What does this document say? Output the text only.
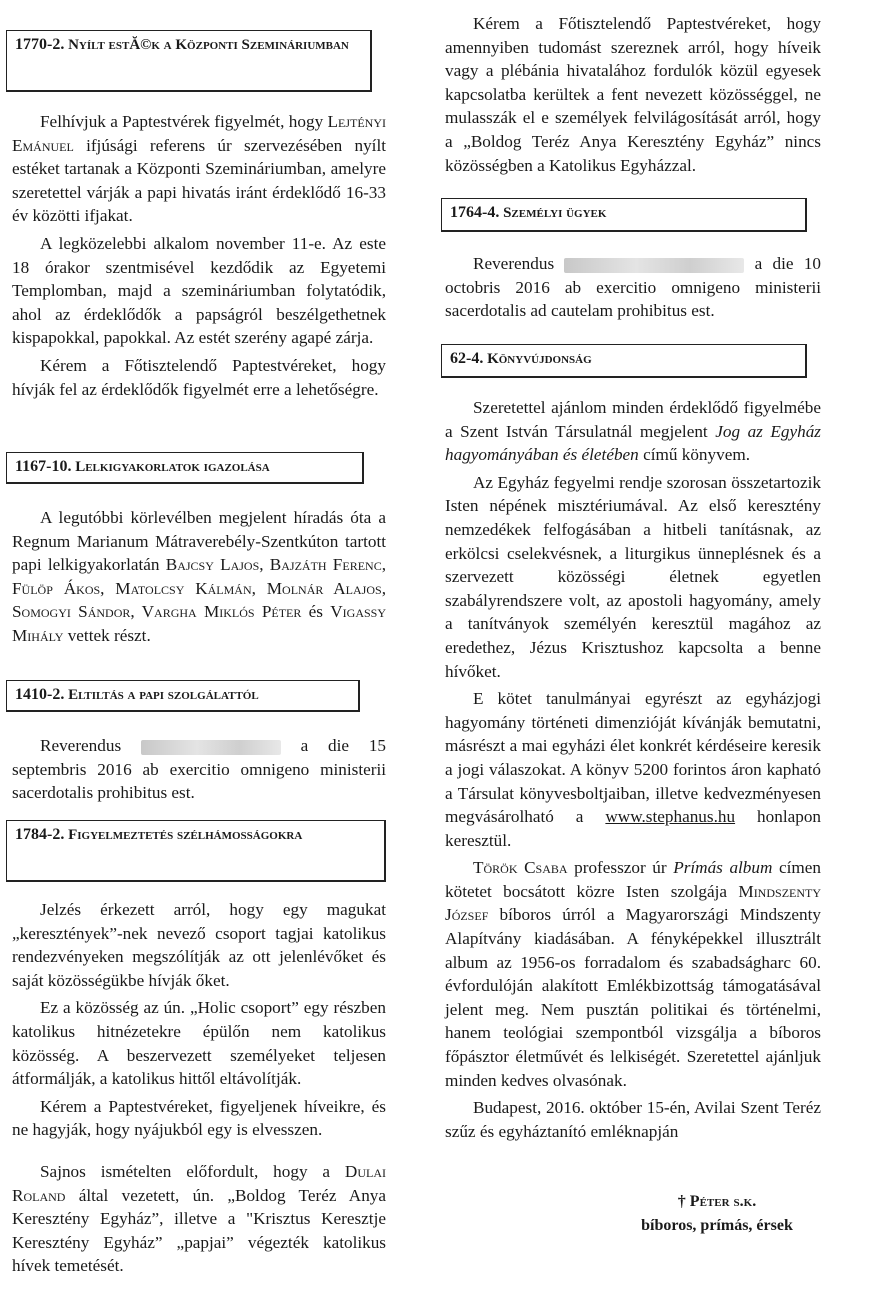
1770-2. Nyílt estĂ©k a Központi Szemináriumban

Felhívjuk a Paptestvérek figyelmét, hogy Lejtényi Emánuel ifjúsági referens úr szervezésében nyílt estéket tartanak a Központi Szemináriumban, amelyre szeretettel várják a papi hivatás iránt érdeklődő 16-33 év közötti ifjakat.

A legközelebbi alkalom november 11-e. Az este 18 órakor szentmisével kezdődik az Egyetemi Templomban, majd a szemináriumban folytatódik, ahol az érdeklődők a papságról beszélgethetnek kispapokkal, papokkal. Az estét szerény agapé zárja.

Kérem a Főtisztelendő Paptestvéreket, hogy hívják fel az érdeklődők figyelmét erre a lehetőségre.

1167-10. Lelkigyakorlatok igazolása

A legutóbbi körlevélben megjelent híradás óta a Regnum Marianum Mátraverebély-Szentkúton tartott papi lelkigyakorlatán Bajcsy Lajos, Bajzáth Ferenc, Fülöp Ákos, Matolcsy Kálmán, Molnár Alajos, Somogyi Sándor, Vargha Miklós Péter és Vigassy Mihály vettek részt.

1410-2. Eltiltás a papi szolgálattól

Reverendus	a die 15 septembris 2016 ab exercitio omnigeno ministerii sacerdotalis prohibitus est.

1784-2. Figyelmeztetés szélhámosságokra

Jelzés érkezett arról, hogy egy magukat „keresztények”-nek nevező csoport tagjai katolikus rendezvényeken megszólítják az ott jelenlévőket és saját közösségükbe hívják őket.

Ez a közösség az ún. „Holic csoport” egy részben katolikus hitnézetekre épülőn nem katolikus közösség. A beszervezett személyeket teljesen átformálják, a katolikus hittől eltávolítják.

Kérem a Paptestvéreket, figyeljenek híveikre, és ne hagyják, hogy nyájukból egy is elvesszen.

Sajnos ismételten előfordult, hogy a Dulai Roland által vezetett, ún. „Boldog Teréz Anya Keresztény Egyház”, illetve a "Krisztus Keresztje Keresztény Egyház” „papjai” végezték katolikus hívek temetését.

Kérem a Főtisztelendő Paptestvéreket, hogy amennyiben tudomást szereznek arról, hogy híveik vagy a plébánia hivatalához fordulók közül egyesek kapcsolatba kerültek a fent nevezett közösséggel, ne mulasszák el e személyek felvilágosítását arról, hogy a „Boldog Teréz Anya Keresztény Egyház” nincs közösségben a Katolikus Egyházzal.

1764-4. Személyi ügyek

Reverendus	a die 10 octobris 2016 ab exercitio omnigeno ministerii sacerdotalis ad cautelam prohibitus est.

62-4. Könyvújdonság

Szeretettel ajánlom minden érdeklődő figyelmébe a Szent István Társulatnál megjelent Jog az Egyház hagyományában és életében című könyvem.

Az Egyház fegyelmi rendje szorosan összetartozik Isten népének misztériumával. Az első keresztény nemzedékek felfogásában a hitbeli tanításnak, az erkölcsi cselekvésnek, a liturgikus ünneplésnek és a szervezett közösségi életnek egyetlen szabályrendszere volt, az apostoli hagyomány, amely a tanítványok személyén keresztül magához az eredethez, Jézus Krisztushoz kapcsolta a benne hívőket.

E kötet tanulmányai egyrészt az egyházjogi hagyomány történeti dimenzióját kívánják bemutatni, másrészt a mai egyházi élet konkrét kérdéseire keresik a jogi válaszokat. A könyv 5200 forintos áron kapható a Társulat könyvesboltjaiban, illetve kedvezményesen megvásárolható a www.stephanus.hu honlapon keresztül.

Török Csaba professzor úr Prímás album címen kötetet bocsátott közre Isten szolgája Mindszenty József bíboros úrról a Magyarországi Mindszenty Alapítvány kiadásában. A fényképekkel illusztrált album az 1956-os forradalom és szabadságharc 60. évfordulóján alakított Emlékbizottság támogatásával jelent meg. Nem pusztán politikai és történelmi, hanem teológiai szempontból vizsgálja a bíboros főpásztor életművét és lelkiségét. Szeretettel ajánljuk minden kedves olvasónak.

Budapest, 2016. október 15-én, Avilai Szent Teréz szűz és egyháztanító emléknapján

† Péter s.k.
bíboros, prímás, érsek
